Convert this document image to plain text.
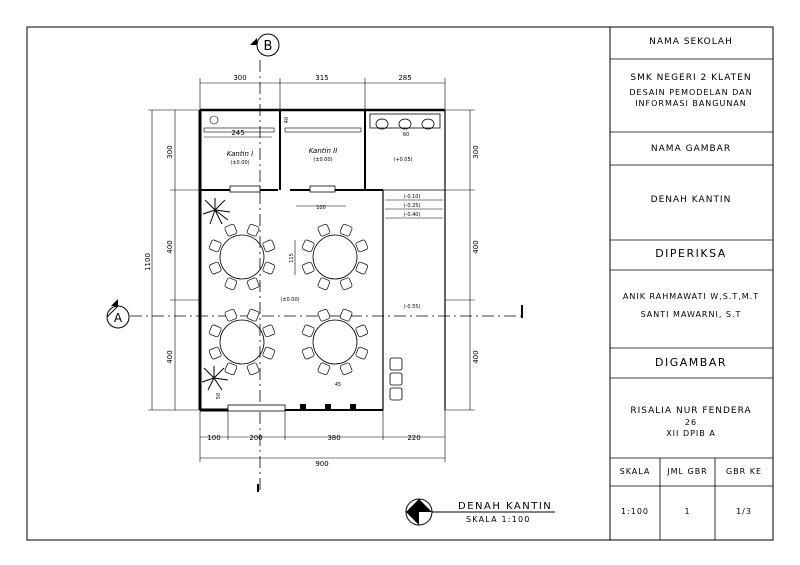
B
A
300	315	285
100	200	380	220
900
1100
300
400
400
300
400
400
245
100
60
115
45
50
40
Kantin I
(±0.00)
Kantin II
(±0.00)	(+0.05)
(±0.00)
(-0.10)
(-0.25)
(-0.40)
(-0.55)
DENAH KANTIN
SKALA 1:100
NAMA SEKOLAH
SMK NEGERI 2 KLATEN
DESAIN PEMODELAN DAN
INFORMASI BANGUNAN
NAMA GAMBAR
DENAH KANTIN
DIPERIKSA
ANIK RAHMAWATI W,S.T,M.T
SANTI MAWARNI, S.T
DIGAMBAR
RISALIA NUR FENDERA
26
XII DPIB A
SKALA	JML GBR	GBR KE
1:100	1	1/3
